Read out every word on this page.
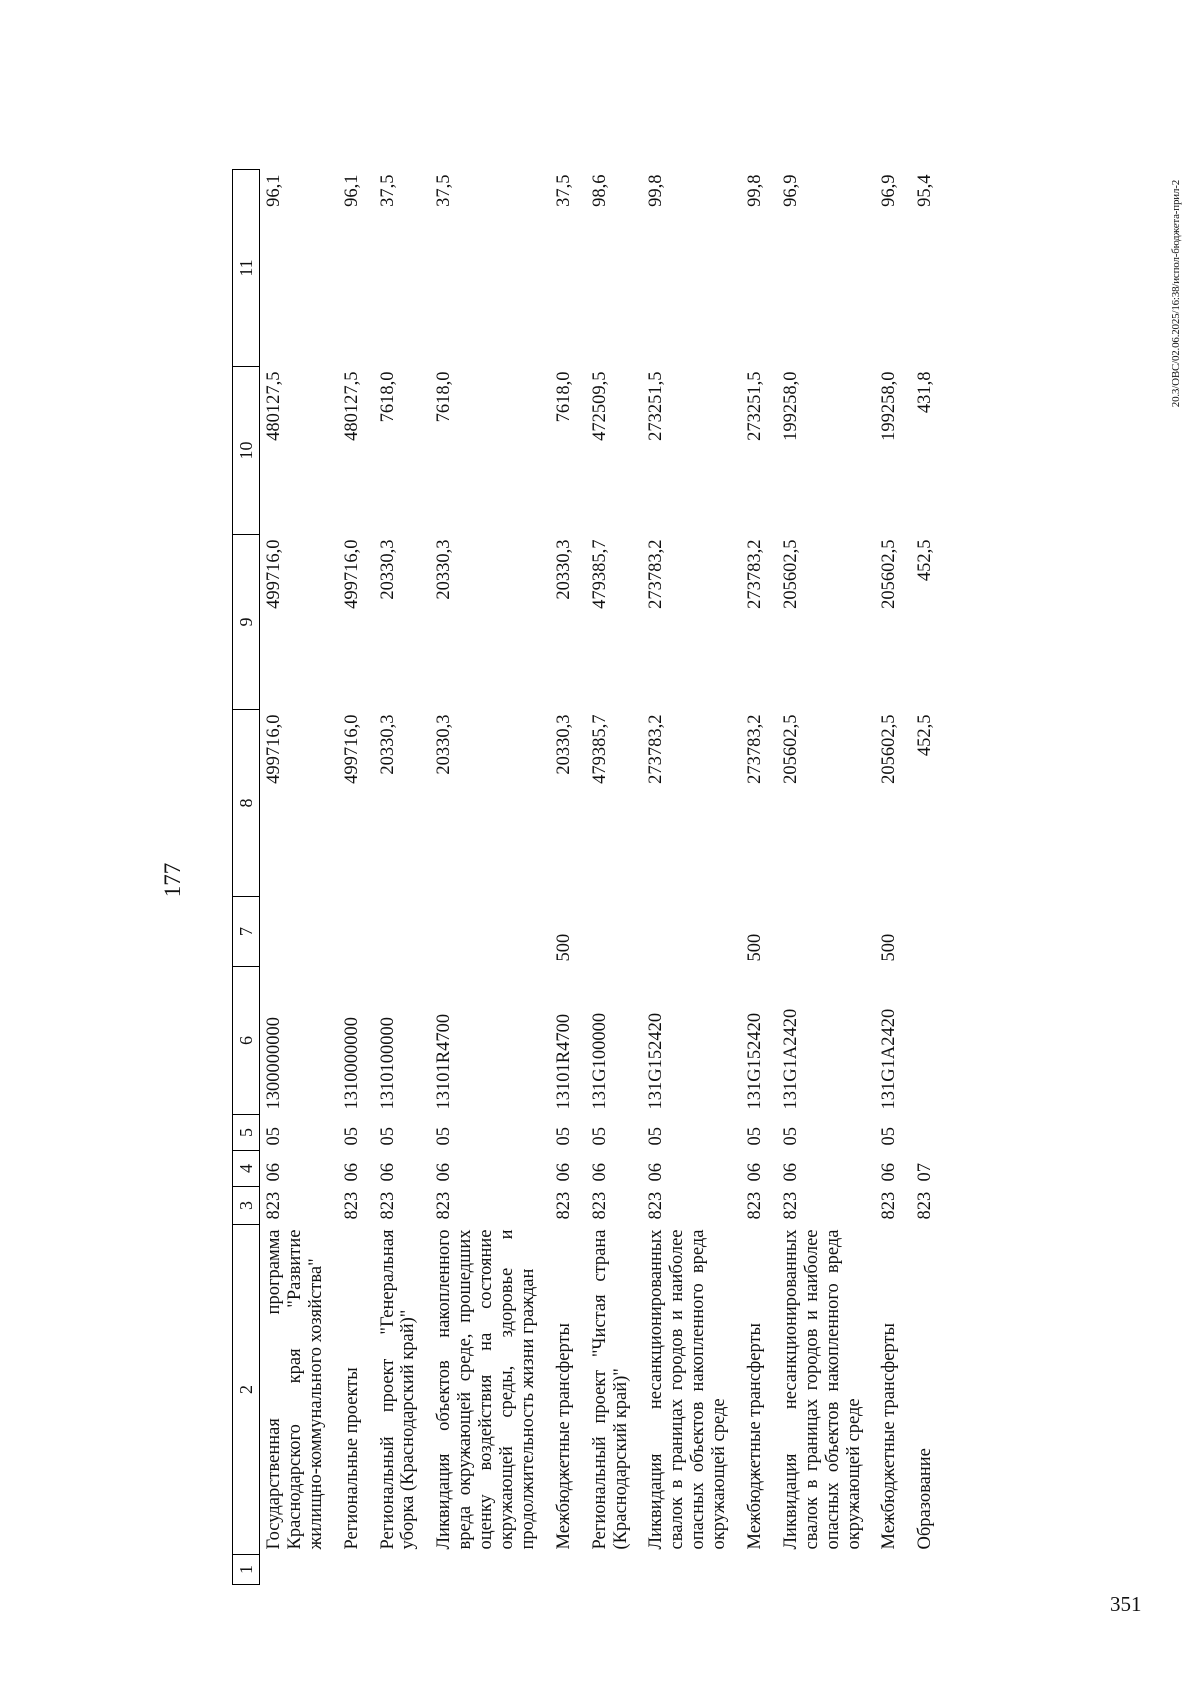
351
177
1	2	3	4	5	6	7	8	9	10	11
	Государственная программа Краснодарского края "Развитие жилищно-коммунального хозяйства"	823	06	05	1300000000		499716,0	499716,0	480127,5	96,1
	Региональные проекты	823	06	05	1310000000		499716,0	499716,0	480127,5	96,1
	Региональный проект "Генеральная уборка (Краснодарский край)"	823	06	05	1310100000		20330,3	20330,3	7618,0	37,5
	Ликвидация объектов накопленного вреда окружающей среде, прошедших оценку воздействия на состояние окружающей среды, здоровье и продолжительность жизни граждан	823	06	05	13101R4700		20330,3	20330,3	7618,0	37,5
	Межбюджетные трансферты	823	06	05	13101R4700	500	20330,3	20330,3	7618,0	37,5
	Региональный проект "Чистая страна (Краснодарский край)"	823	06	05	131G100000		479385,7	479385,7	472509,5	98,6
	Ликвидация несанкционированных свалок в границах городов и наиболее опасных объектов накопленного вреда окружающей среде	823	06	05	131G152420		273783,2	273783,2	273251,5	99,8
	Межбюджетные трансферты	823	06	05	131G152420	500	273783,2	273783,2	273251,5	99,8
	Ликвидация несанкционированных свалок в границах городов и наиболее опасных объектов накопленного вреда окружающей среде	823	06	05	131G1A2420		205602,5	205602,5	199258,0	96,9
	Межбюджетные трансферты	823	06	05	131G1A2420	500	205602,5	205602,5	199258,0	96,9
	Образование	823	07				452,5	452,5	431,8	95,4	20.3/ОВС/02.06.2025/16:38/испол-бюджета-прил-2
